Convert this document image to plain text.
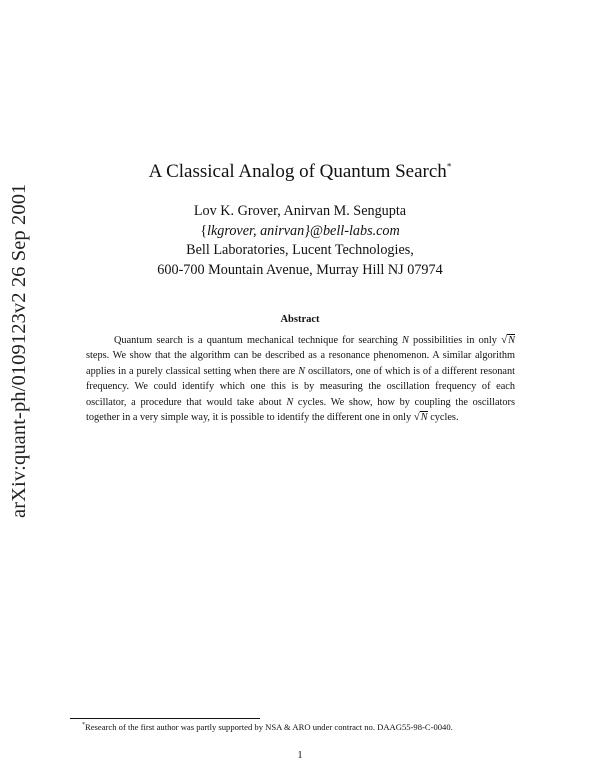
arXiv:quant-ph/0109123v2 26 Sep 2001
A Classical Analog of Quantum Search*
Lov K. Grover, Anirvan M. Sengupta
{lkgrover, anirvan}@bell-labs.com
Bell Laboratories, Lucent Technologies,
600-700 Mountain Avenue, Murray Hill NJ 07974
Abstract
Quantum search is a quantum mechanical technique for searching N possibilities in only √N steps. We show that the algorithm can be described as a resonance phenomenon. A similar algorithm applies in a purely classical setting when there are N oscillators, one of which is of a different resonant frequency. We could identify which one this is by measuring the oscillation frequency of each oscillator, a procedure that would take about N cycles. We show, how by coupling the oscillators together in a very simple way, it is possible to identify the different one in only √N cycles.
*Research of the first author was partly supported by NSA & ARO under contract no. DAAG55-98-C-0040.
1
